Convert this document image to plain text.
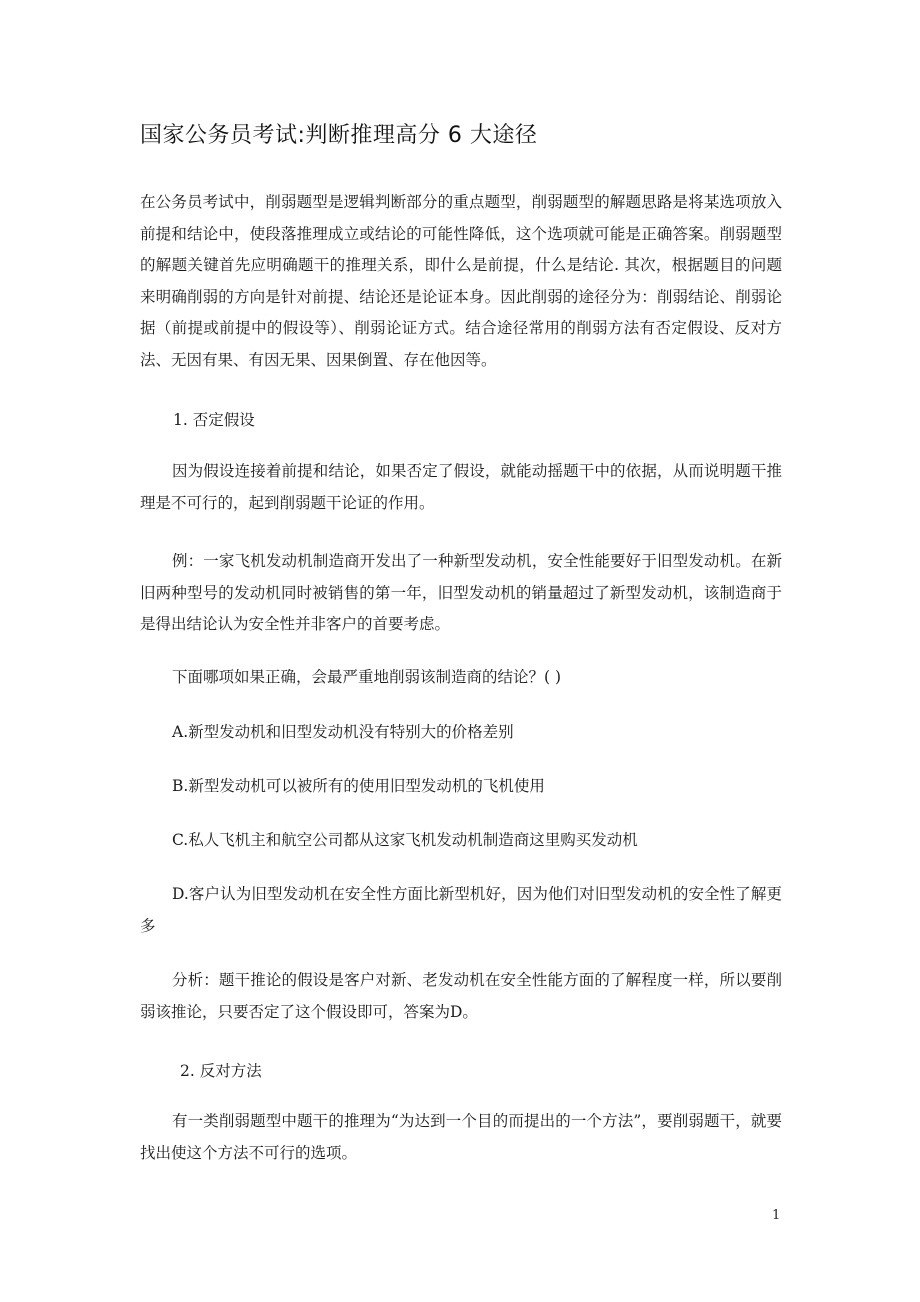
国家公务员考试:判断推理高分 6 大途径
在公务员考试中，削弱题型是逻辑判断部分的重点题型，削弱题型的解题思路是将某选项放入前提和结论中，使段落推理成立或结论的可能性降低，这个选项就可能是正确答案。削弱题型的解题关键首先应明确题干的推理关系，即什么是前提，什么是结论. 其次，根据题目的问题来明确削弱的方向是针对前提、结论还是论证本身。因此削弱的途径分为：削弱结论、削弱论据（前提或前提中的假设等）、削弱论证方式。结合途径常用的削弱方法有否定假设、反对方法、无因有果、有因无果、因果倒置、存在他因等。
1. 否定假设
因为假设连接着前提和结论，如果否定了假设，就能动摇题干中的依据，从而说明题干推理是不可行的，起到削弱题干论证的作用。
例：一家飞机发动机制造商开发出了一种新型发动机，安全性能要好于旧型发动机。在新旧两种型号的发动机同时被销售的第一年，旧型发动机的销量超过了新型发动机，该制造商于是得出结论认为安全性并非客户的首要考虑。
下面哪项如果正确，会最严重地削弱该制造商的结论？( )
A.新型发动机和旧型发动机没有特别大的价格差别
B.新型发动机可以被所有的使用旧型发动机的飞机使用
C.私人飞机主和航空公司都从这家飞机发动机制造商这里购买发动机
D.客户认为旧型发动机在安全性方面比新型机好，因为他们对旧型发动机的安全性了解更多
分析：题干推论的假设是客户对新、老发动机在安全性能方面的了解程度一样，所以要削弱该推论，只要否定了这个假设即可，答案为D。
2. 反对方法
有一类削弱题型中题干的推理为“为达到一个目的而提出的一个方法”，要削弱题干，就要找出使这个方法不可行的选项。
1
